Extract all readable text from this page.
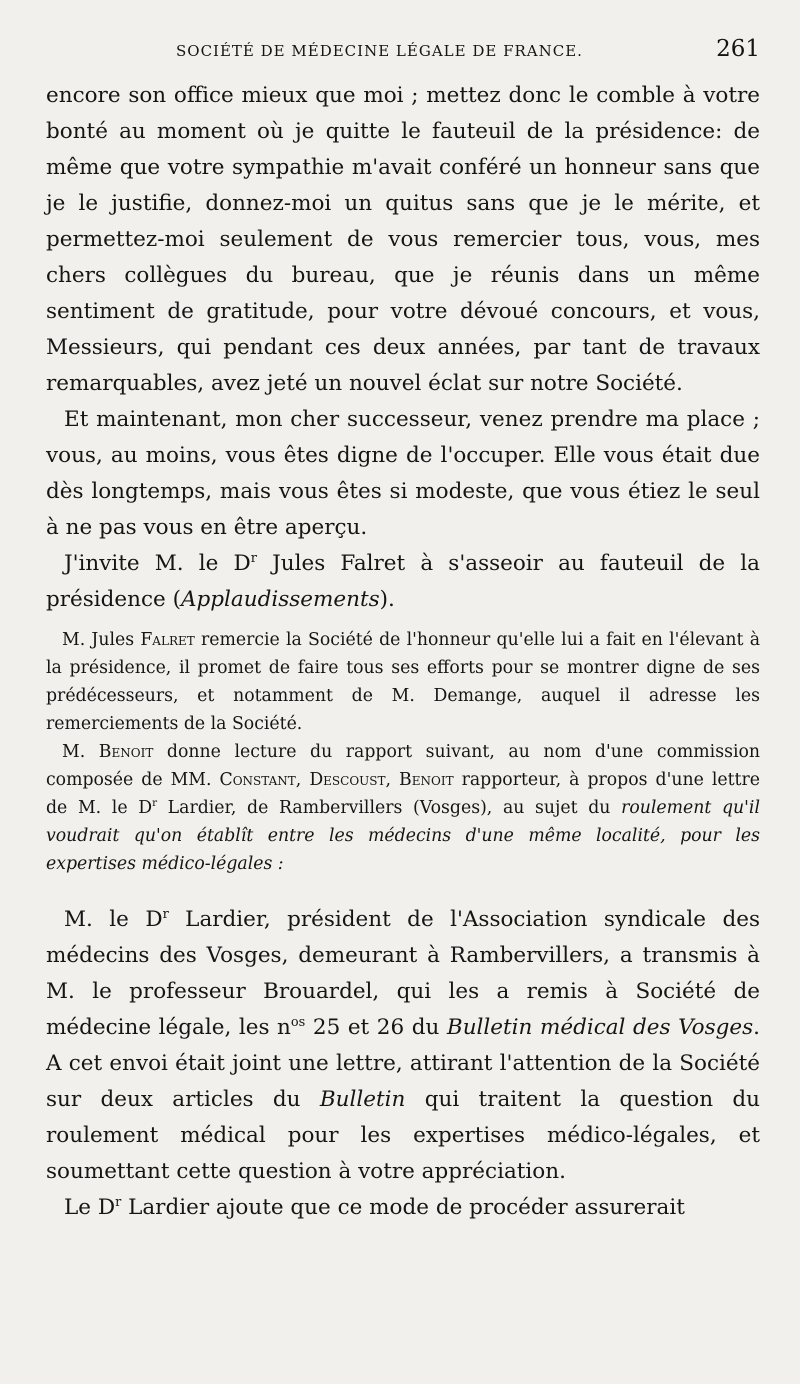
SOCIÉTÉ DE MÉDECINE LÉGALE DE FRANCE.	261

encore son office mieux que moi ; mettez donc le comble à votre bonté au moment où je quitte le fauteuil de la présidence: de même que votre sympathie m'avait conféré un honneur sans que je le justifie, donnez-moi un quitus sans que je le mérite, et permettez-moi seulement de vous remercier tous, vous, mes chers collègues du bureau, que je réunis dans un même sentiment de gratitude, pour votre dévoué concours, et vous, Messieurs, qui pendant ces deux années, par tant de travaux remarquables, avez jeté un nouvel éclat sur notre Société.

Et maintenant, mon cher successeur, venez prendre ma place ; vous, au moins, vous êtes digne de l'occuper. Elle vous était due dès longtemps, mais vous êtes si modeste, que vous étiez le seul à ne pas vous en être aperçu.

J'invite M. le $D^r$ Jules Falret à s'asseoir au fauteuil de la présidence (Applaudissements).

M. Jules Falret remercie la Société de l'honneur qu'elle lui a fait en l'élevant à la présidence, il promet de faire tous ses efforts pour se montrer digne de ses prédécesseurs, et notamment de M. Demange, auquel il adresse les remerciements de la Société.

M. Benoit donne lecture du rapport suivant, au nom d'une commission composée de MM. Constant, Descoust, Benoit rapporteur, à propos d'une lettre de M. le $D^r$ Lardier, de Rambervillers (Vosges), au sujet du roulement qu'il voudrait qu'on établît entre les médecins d'une même localité, pour les expertises médico-légales :

M. le $D^r$ Lardier, président de l'Association syndicale des médecins des Vosges, demeurant à Rambervillers, a transmis à M. le professeur Brouardel, qui les a remis à Société de médecine légale, les $n^{os}$ 25 et 26 du Bulletin médical des Vosges. A cet envoi était joint une lettre, attirant l'attention de la Société sur deux articles du Bulletin qui traitent la question du roulement médical pour les expertises médico-légales, et soumettant cette question à votre appréciation.

Le $D^r$ Lardier ajoute que ce mode de procéder assurerait
